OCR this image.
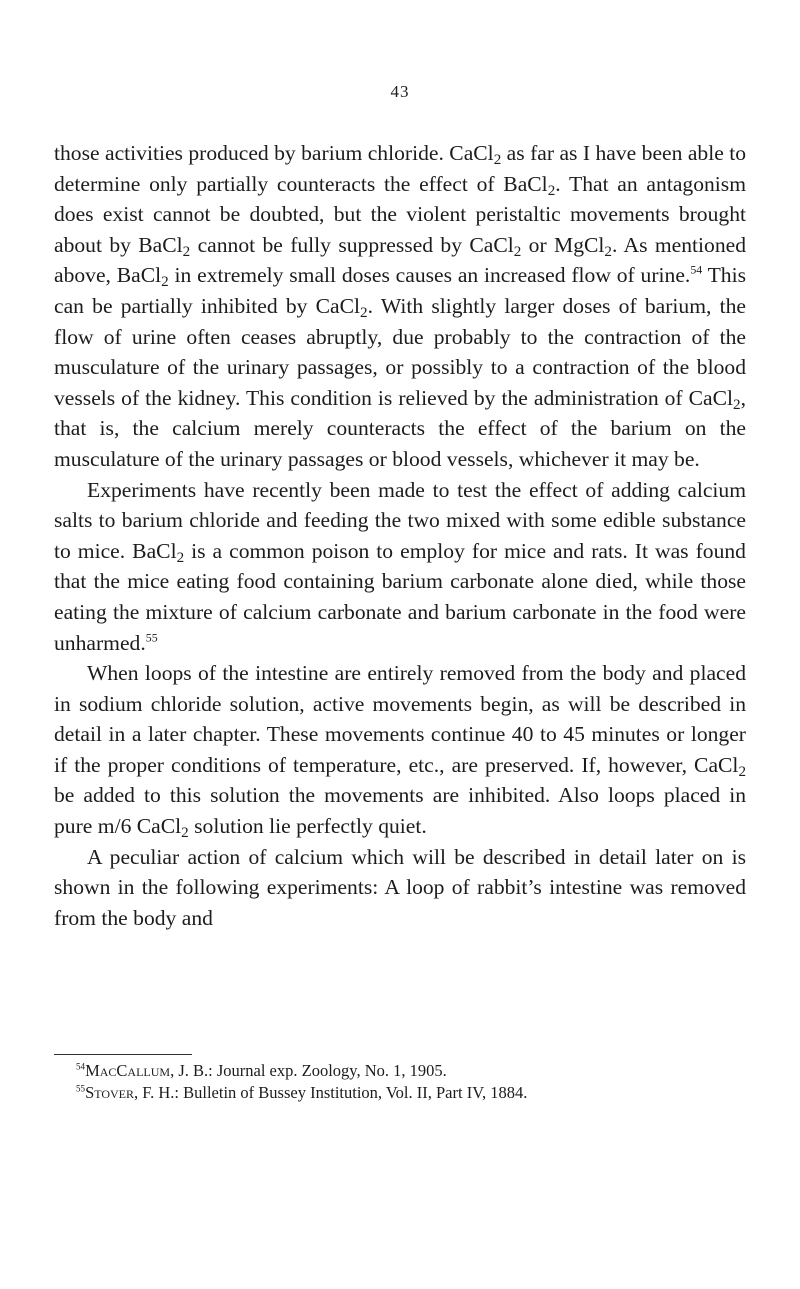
43

those activities produced by barium chloride. CaCl$_2$ as far as I have been able to determine only partially counteracts the effect of BaCl$_2$. That an antagonism does exist cannot be doubted, but the violent peristaltic movements brought about by BaCl$_2$ cannot be fully suppressed by CaCl$_2$ or MgCl$_2$. As mentioned above, BaCl$_2$ in extremely small doses causes an increased flow of urine.$^{54}$ This can be partially inhibited by CaCl$_2$. With slightly larger doses of barium, the flow of urine often ceases abruptly, due probably to the contraction of the musculature of the urinary passages, or possibly to a contraction of the blood vessels of the kidney. This condition is relieved by the administration of CaCl$_2$, that is, the calcium merely counteracts the effect of the barium on the musculature of the urinary passages or blood vessels, whichever it may be.

Experiments have recently been made to test the effect of adding calcium salts to barium chloride and feeding the two mixed with some edible substance to mice. BaCl$_2$ is a common poison to employ for mice and rats. It was found that the mice eating food containing barium carbonate alone died, while those eating the mixture of calcium carbonate and barium carbonate in the food were unharmed.$^{55}$

When loops of the intestine are entirely removed from the body and placed in sodium chloride solution, active movements begin, as will be described in detail in a later chapter. These movements continue 40 to 45 minutes or longer if the proper conditions of temperature, etc., are preserved. If, however, CaCl$_2$ be added to this solution the movements are inhibited. Also loops placed in pure m/6 CaCl$_2$ solution lie perfectly quiet.

A peculiar action of calcium which will be described in detail later on is shown in the following experiments: A loop of rabbit’s intestine was removed from the body and

$^{54}$MacCallum, J. B.: Journal exp. Zoology, No. 1, 1905.

$^{55}$Stover, F. H.: Bulletin of Bussey Institution, Vol. II, Part IV, 1884.
